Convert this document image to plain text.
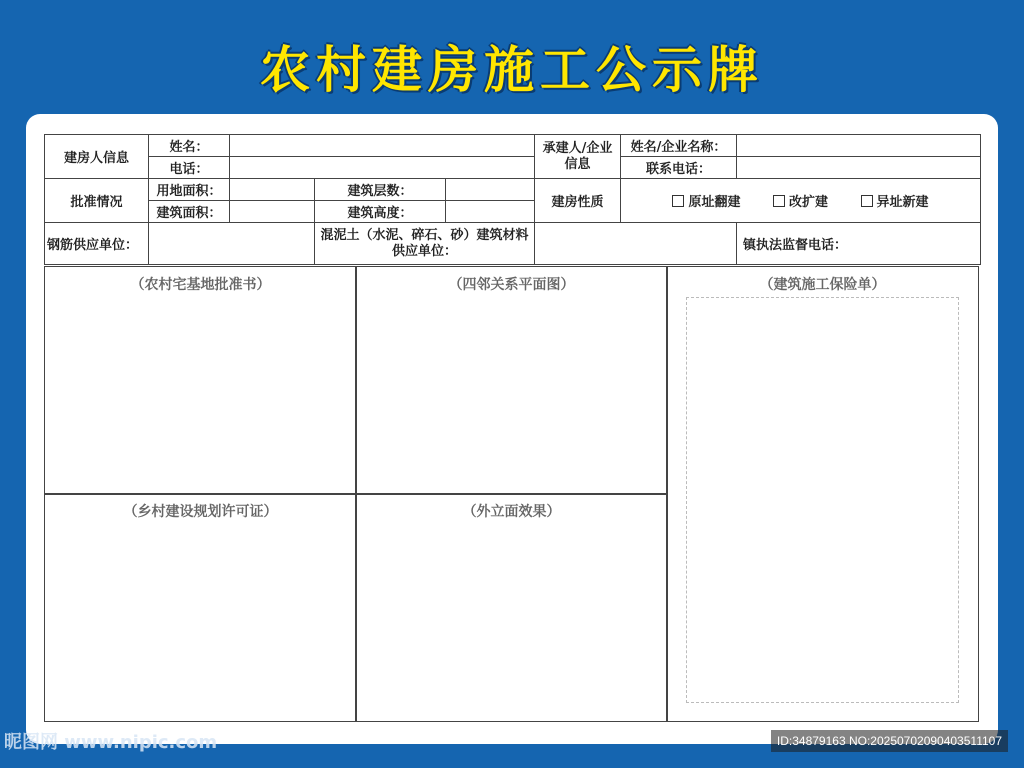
农村建房施工公示牌
建房人信息	姓名：				承建人/企业信息	姓名/企业名称：	
	电话：					联系电话：	
批准情况	用地面积：		建筑层数：		建房性质	原址翻建 改扩建 异址新建	
	建筑面积：		建筑高度：				
钢筋供应单位：			混泥土（水泥、碎石、砂）建筑材料供应单位：				镇执法监督电话：
（农村宅基地批准书）	（四邻关系平面图）	（建筑施工保险单）
（乡村建设规划许可证）	（外立面效果）
昵图网 www.nipic.com	ID:34879163 NO:20250702090403511107
